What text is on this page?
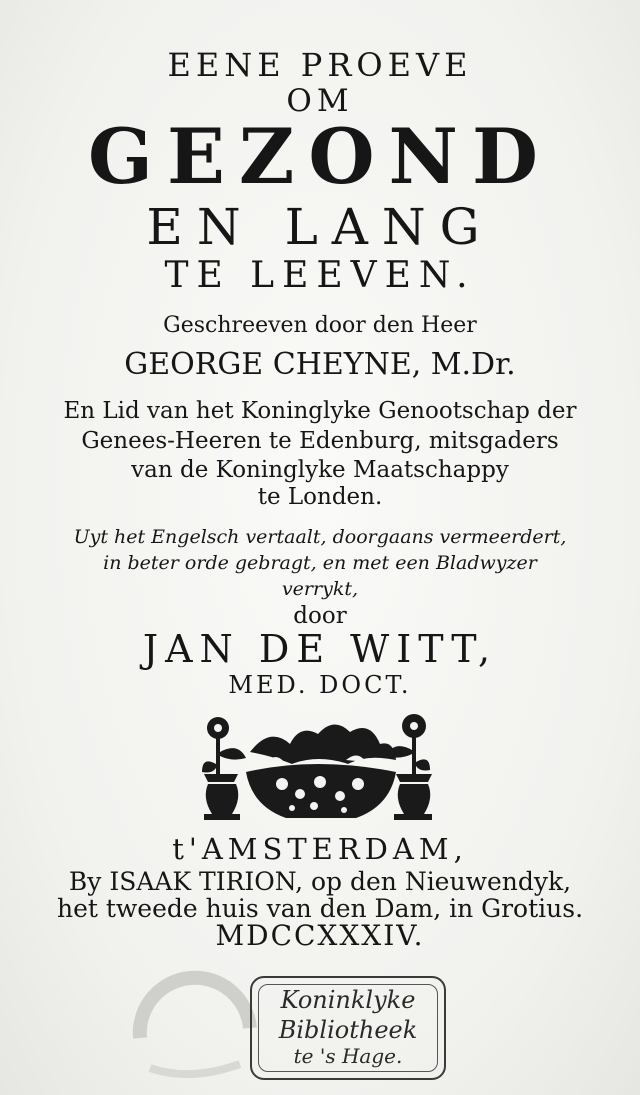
EENE PROEVE
OM
GEZOND
EN LANG
TE LEEVEN.
Geschreeven door den Heer
GEORGE CHEYNE, M.Dr.
En Lid van het Koninglyke Genootschap der
Genees-Heeren te Edenburg, mitsgaders
van de Koninglyke Maatschappy
te Londen.
Uyt het Engelsch vertaalt, doorgaans vermeerdert,
in beter orde gebragt, en met een Bladwyzer
verrykt,
door
JAN DE WITT,
MED. DOCT.
t'AMSTERDAM,
By ISAAK TIRION, op den Nieuwendyk,
het tweede huis van den Dam, in Grotius.
MDCCXXXIV.
Koninklyke
Bibliotheek
te 's Hage.
